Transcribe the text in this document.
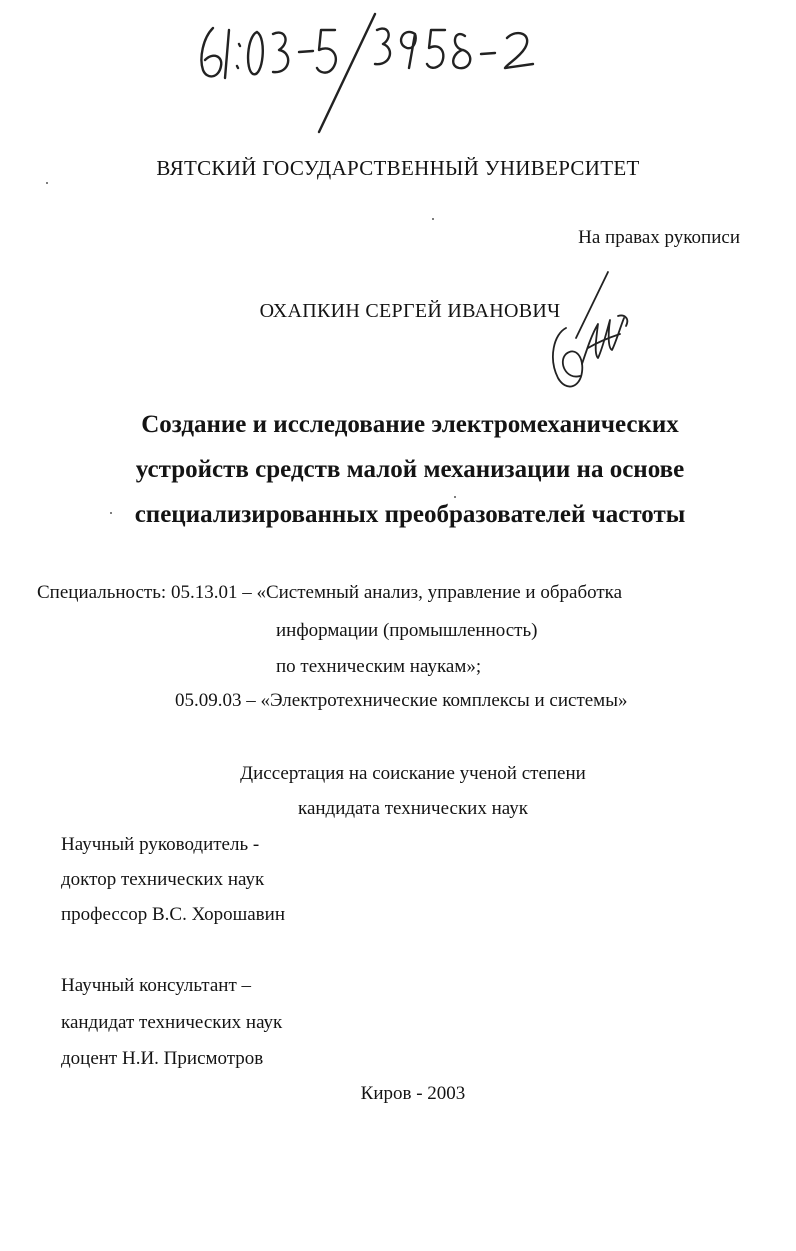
61:03-5/3958-2
ВЯТСКИЙ ГОСУДАРСТВЕННЫЙ УНИВЕРСИТЕТ
На правах рукописи
ОХАПКИН СЕРГЕЙ ИВАНОВИЧ
Создание и исследование электромеханических
устройств средств малой механизации на основе
специализированных преобразователей частоты
Специальность: 05.13.01 – «Системный анализ, управление и обработка
информации (промышленность)
по техническим наукам»;
05.09.03 – «Электротехнические комплексы и системы»
Диссертация на соискание ученой степени
кандидата технических наук
Научный руководитель -
доктор технических наук
профессор В.С. Хорошавин
Научный консультант –
кандидат технических наук
доцент Н.И. Присмотров
Киров - 2003
